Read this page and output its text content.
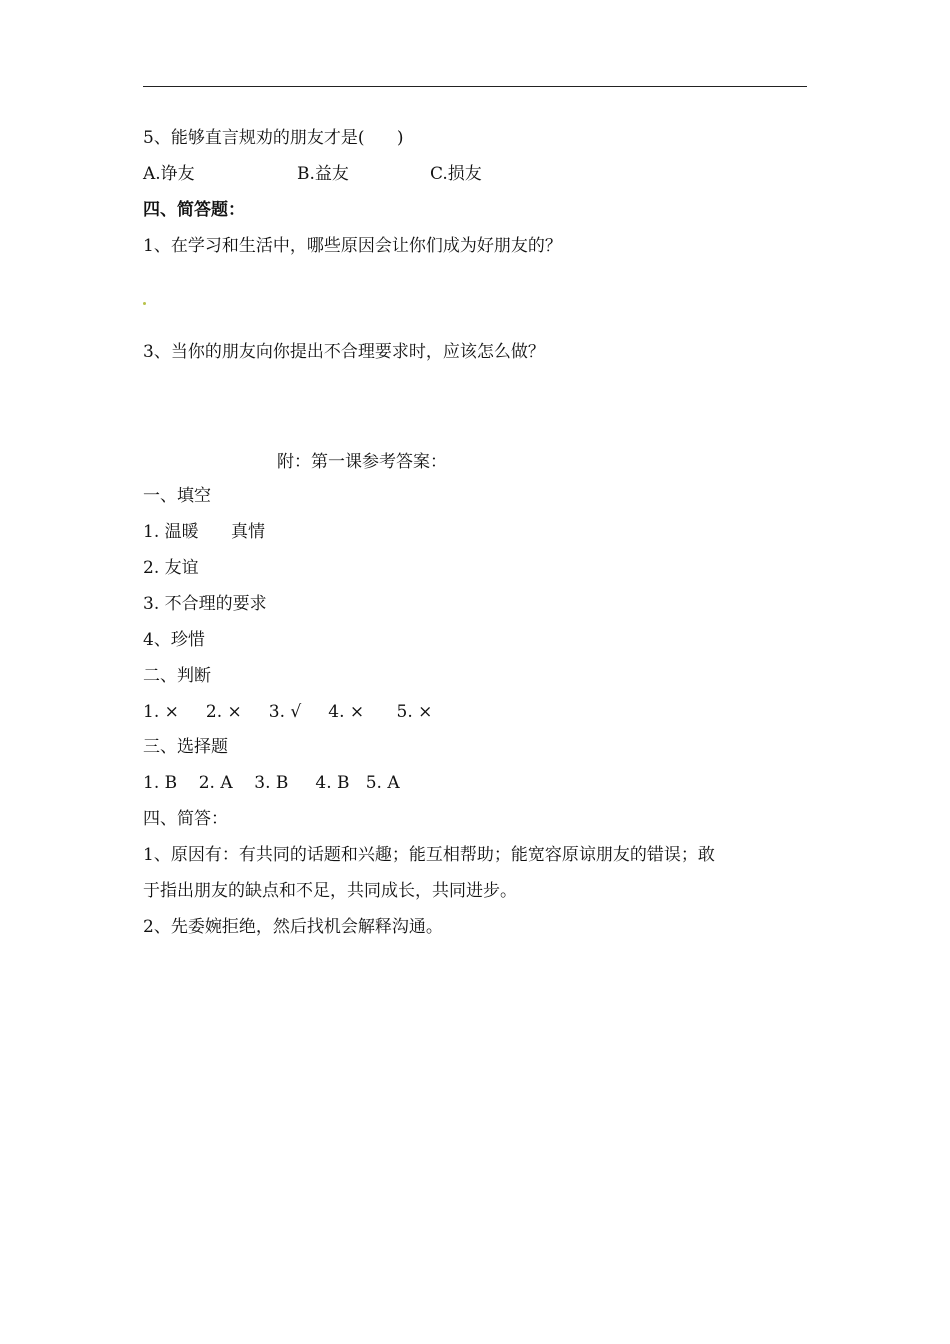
5、能够直言规劝的朋友才是(      )
A.诤友	B.益友	C.损友
四、简答题：
1、在学习和生活中，哪些原因会让你们成为好朋友的？
3、当你的朋友向你提出不合理要求时，应该怎么做？
附：第一课参考答案：
一、填空
1. 温暖      真情
2. 友谊
3. 不合理的要求
4、珍惜
二、判断
1. ×     2. ×     3. √     4. ×      5. ×
三、选择题
1. B    2. A    3. B     4. B   5. A
四、简答：
1、原因有：有共同的话题和兴趣；能互相帮助；能宽容原谅朋友的错误；敢
于指出朋友的缺点和不足，共同成长，共同进步。
2、先委婉拒绝，然后找机会解释沟通。
